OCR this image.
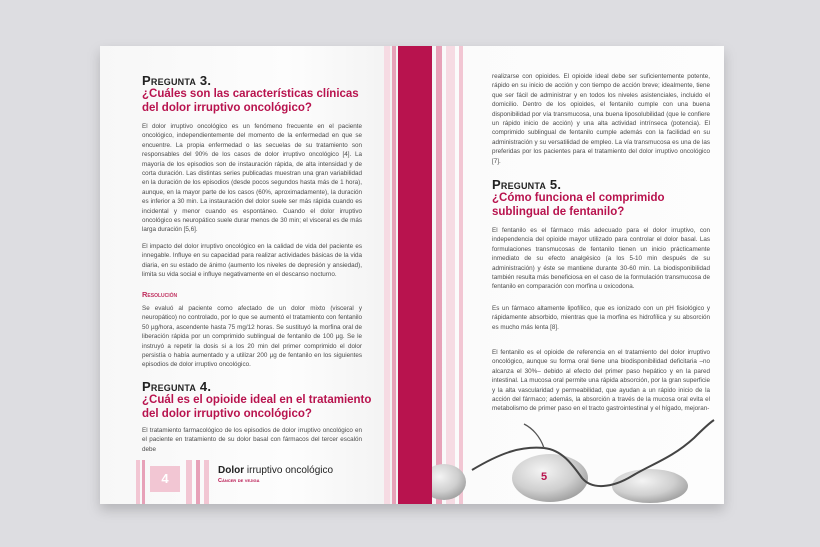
Pregunta 3.
¿Cuáles son las características clínicas del dolor irruptivo oncológico?

El dolor irruptivo oncológico es un fenómeno frecuente en el paciente oncológico, independientemente del momento de la enfermedad en que se encuentre. La propia enfermedad o las secuelas de su tratamiento son responsables del 90% de los casos de dolor irruptivo oncológico [4]. La mayoría de los episodios son de instauración rápida, de alta intensidad y de corta duración. Las distintas series publicadas muestran una gran variabilidad en la duración de los episodios (desde pocos segundos hasta más de 1 hora), aunque, en la mayor parte de los casos (60%, aproximadamente), la duración es inferior a 30 min. La instauración del dolor suele ser más rápida cuando es incidental y menor cuando es espontáneo. Cuando el dolor irruptivo oncológico es neuropático suele durar menos de 30 min; el visceral es de más larga duración [5,6].

El impacto del dolor irruptivo oncológico en la calidad de vida del paciente es innegable. Influye en su capacidad para realizar actividades básicas de la vida diaria, en su estado de ánimo (aumento los niveles de depresión y ansiedad), limita su vida social e influye negativamente en el descanso nocturno.

Resolución

Se evaluó al paciente como afectado de un dolor mixto (visceral y neuropático) no controlado, por lo que se aumentó el tratamiento con fentanilo 50 µg/hora, ascendente hasta 75 mg/12 horas. Se sustituyó la morfina oral de liberación rápida por un comprimido sublingual de fentanilo de 100 µg. Se le instruyó a repetir la dosis si a los 20 min del primer comprimido el dolor persistía o había aumentado y a utilizar 200 µg de fentanilo en los siguientes episodios de dolor irruptivo oncológico.

Pregunta 4.
¿Cuál es el opioide ideal en el tratamiento del dolor irruptivo oncológico?

El tratamiento farmacológico de los episodios de dolor irruptivo oncológico en el paciente en tratamiento de su dolor basal con fármacos del tercer escalón debe

4
Dolor irruptivo oncológico
Cáncer de vejiga

realizarse con opioides. El opioide ideal debe ser suficientemente potente, rápido en su inicio de acción y con tiempo de acción breve; idealmente, tiene que ser fácil de administrar y en todos los niveles asistenciales, incluido el domicilio. Dentro de los opioides, el fentanilo cumple con una buena disponibilidad por vía transmucosa, una buena liposolubilidad (que le confiere un rápido inicio de acción) y una alta actividad intrínseca (potencia). El comprimido sublingual de fentanilo cumple además con la facilidad en su administración y su versatilidad de empleo. La vía transmucosa es una de las preferidas por los pacientes para el tratamiento del dolor irruptivo oncológico [7].

Pregunta 5.
¿Cómo funciona el comprimido sublingual de fentanilo?

El fentanilo es el fármaco más adecuado para el dolor irruptivo, con independencia del opioide mayor utilizado para controlar el dolor basal. Las formulaciones transmucosas de fentanilo tienen un inicio prácticamente inmediato de su efecto analgésico (a los 5-10 min después de su administración) y éste se mantiene durante 30-60 min. La biodisponibilidad también resulta más beneficiosa en el caso de la formulación transmucosa de fentanilo en comparación con morfina u oxicodona.

Es un fármaco altamente lipofílico, que es ionizado con un pH fisiológico y rápidamente absorbido, mientras que la morfina es hidrofílica y su absorción es mucho más lenta [8].

El fentanilo es el opioide de referencia en el tratamiento del dolor irruptivo oncológico, aunque su forma oral tiene una biodisponibilidad deficitaria –no alcanza el 30%– debido al efecto del primer paso hepático y en la pared intestinal. La mucosa oral permite una rápida absorción, por la gran superficie y la alta vascularidad y permeabilidad, que ayudan a un rápido inicio de la acción del fármaco; además, la absorción a través de la mucosa oral evita el metabolismo de primer paso en el tracto gastrointestinal y el hígado, mejoran-

5
